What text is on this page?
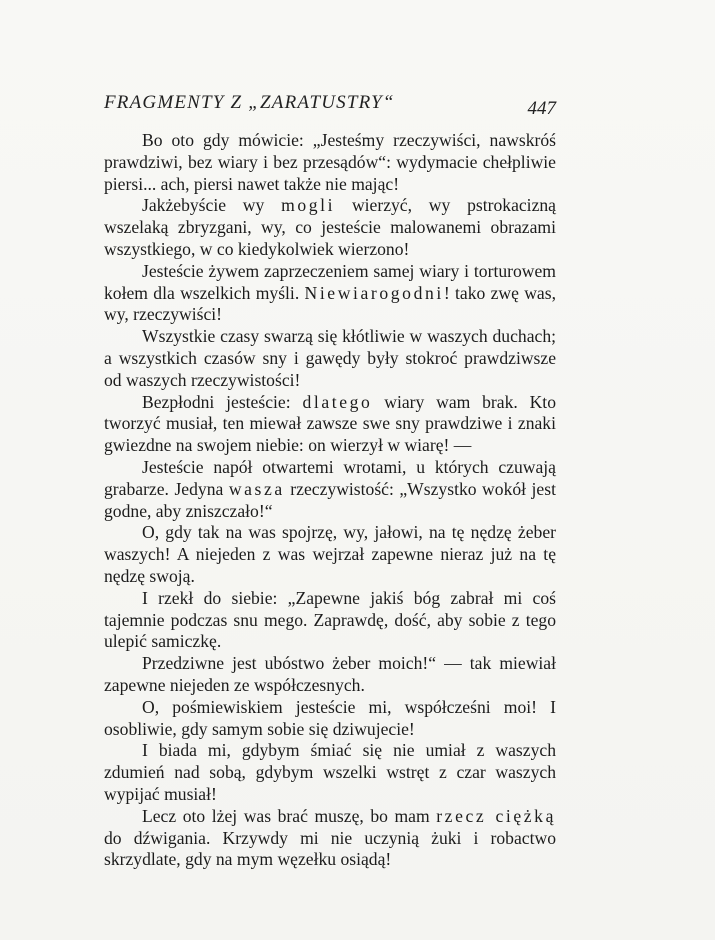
FRAGMENTY Z „ZARATUSTRY“	447

Bo oto gdy mówicie: „Jesteśmy rzeczywiści, nawskróś prawdziwi, bez wiary i bez przesądów“: wydymacie chełpliwie piersi... ach, piersi nawet także nie mając!

Jakżebyście wy mogli wierzyć, wy pstrokacizną wszelaką zbryzgani, wy, co jesteście malowanemi obrazami wszystkiego, w co kiedykolwiek wierzono!

Jesteście żywem zaprzeczeniem samej wiary i torturowem kołem dla wszelkich myśli. Niewiarogodni! tako zwę was, wy, rzeczywiści!

Wszystkie czasy swarzą się kłótliwie w waszych duchach; a wszystkich czasów sny i gawędy były stokroć prawdziwsze od waszych rzeczywistości!

Bezpłodni jesteście: dlatego wiary wam brak. Kto tworzyć musiał, ten miewał zawsze swe sny prawdziwe i znaki gwiezdne na swojem niebie: on wierzył w wiarę! —

Jesteście napół otwartemi wrotami, u których czuwają grabarze. Jedyna wasza rzeczywistość: „Wszystko wokół jest godne, aby zniszczało!“

O, gdy tak na was spojrzę, wy, jałowi, na tę nędzę żeber waszych! A niejeden z was wejrzał zapewne nieraz już na tę nędzę swoją.

I rzekł do siebie: „Zapewne jakiś bóg zabrał mi coś tajemnie podczas snu mego. Zaprawdę, dość, aby sobie z tego ulepić samiczkę.

Przedziwne jest ubóstwo żeber moich!“ — tak miewiał zapewne niejeden ze współczesnych.

O, pośmiewiskiem jesteście mi, współcześni moi! I osobliwie, gdy samym sobie się dziwujecie!

I biada mi, gdybym śmiać się nie umiał z waszych zdumień nad sobą, gdybym wszelki wstręt z czar waszych wypijać musiał!

Lecz oto lżej was brać muszę, bo mam rzecz ciężką do dźwigania. Krzywdy mi nie uczynią żuki i robactwo skrzydlate, gdy na mym węzełku osiądą!
